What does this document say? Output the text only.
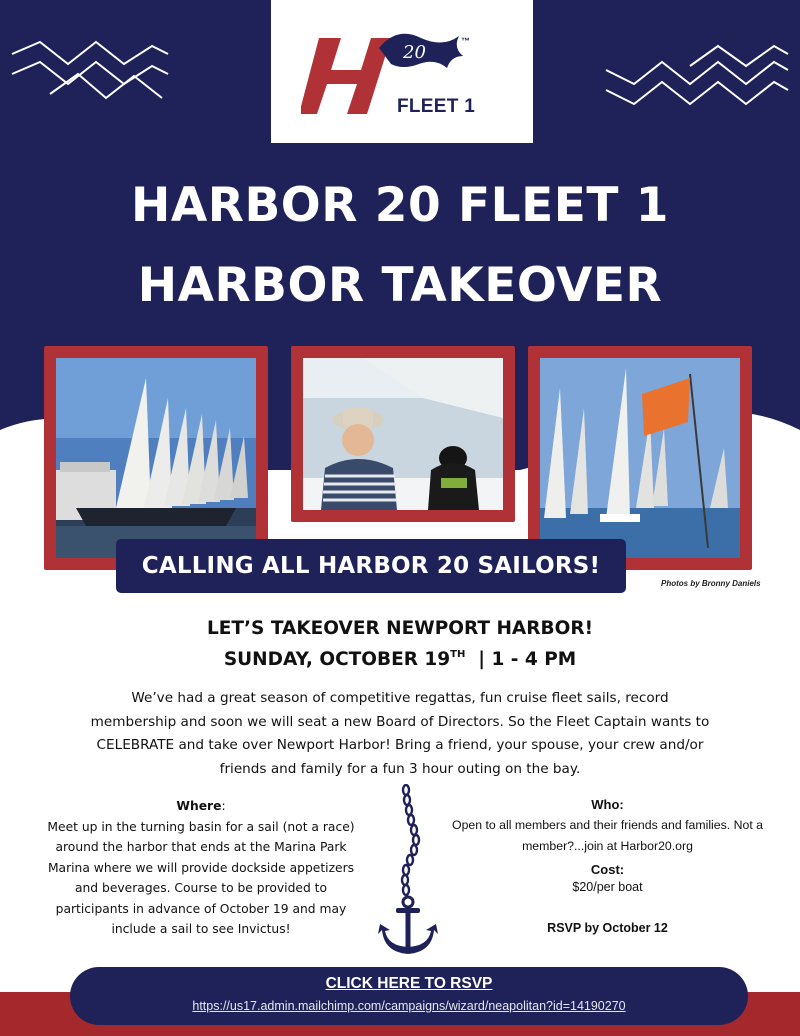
20
™
FLEET 1
HARBOR 20 FLEET 1
HARBOR TAKEOVER
CALLING ALL HARBOR 20 SAILORS!
Photos by Bronny Daniels
LET’S TAKEOVER NEWPORT HARBOR!
SUNDAY, OCTOBER 19TH | 1 - 4 PM
We’ve had a great season of competitive regattas, fun cruise fleet sails, record membership and soon we will seat a new Board of Directors. So the Fleet Captain wants to CELEBRATE and take over Newport Harbor! Bring a friend, your spouse, your crew and/or friends and family for a fun 3 hour outing on the bay.
Where:
Meet up in the turning basin for a sail (not a race) around the harbor that ends at the Marina Park Marina where we will provide dockside appetizers and beverages. Course to be provided to participants in advance of October 19 and may include a sail to see Invictus!
Who:
Open to all members and their friends and families. Not a member?...join at Harbor20.org
Cost:
$20/per boat
RSVP by October 12
CLICK HERE TO RSVP
https://us17.admin.mailchimp.com/campaigns/wizard/neapolitan?id=14190270
